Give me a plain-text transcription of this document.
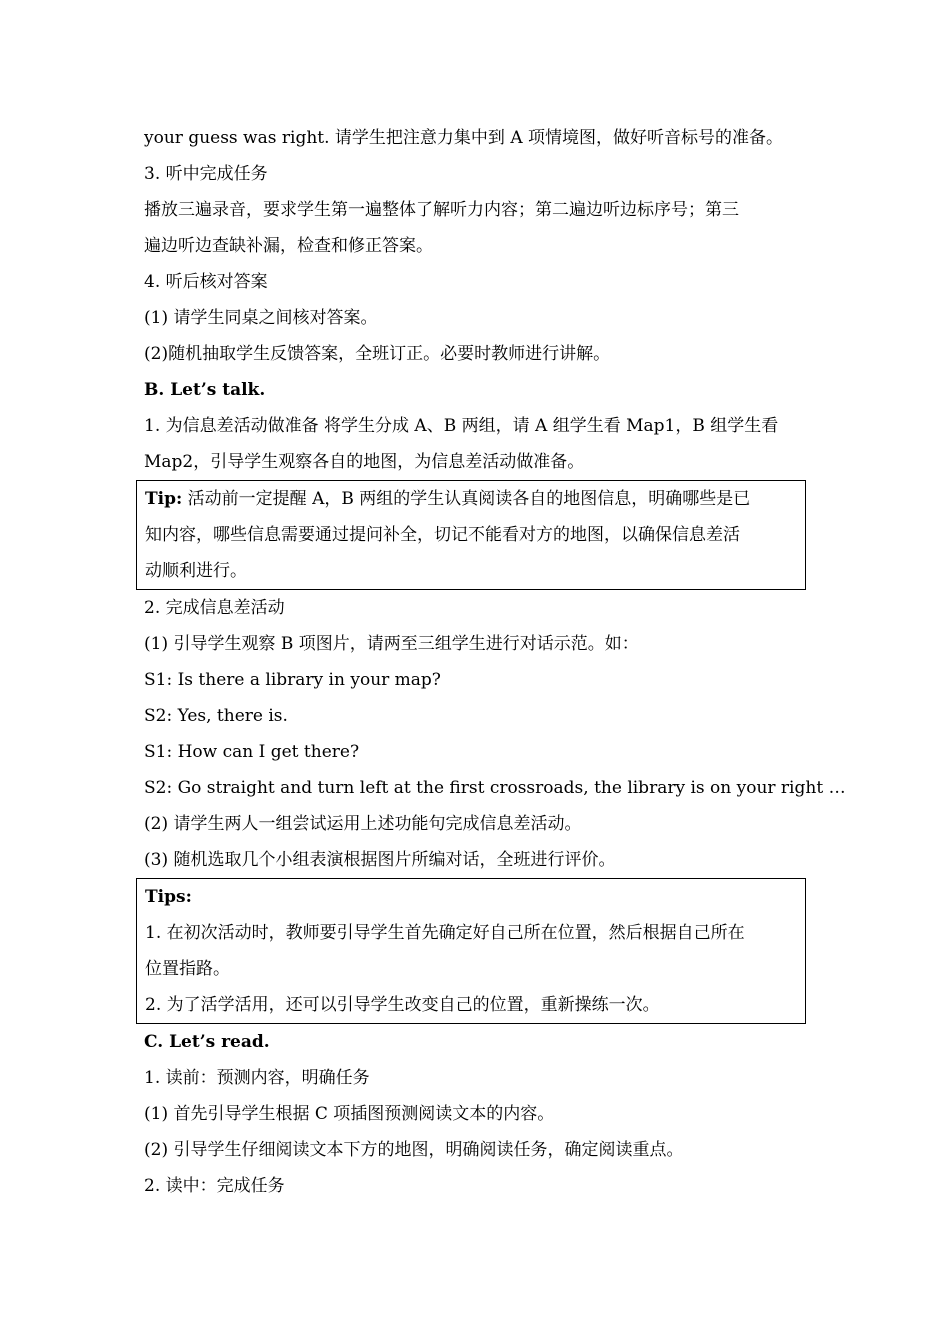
your guess was right. 请学生把注意力集中到 A 项情境图，做好听音标号的准备。
3. 听中完成任务
播放三遍录音，要求学生第一遍整体了解听力内容；第二遍边听边标序号；第三
遍边听边查缺补漏，检查和修正答案。
4. 听后核对答案
(1) 请学生同桌之间核对答案。
(2)随机抽取学生反馈答案，全班订正。必要时教师进行讲解。
B. Let’s talk.
1. 为信息差活动做准备 将学生分成 A、B 两组，请 A 组学生看 Map1，B 组学生看
Map2，引导学生观察各自的地图，为信息差活动做准备。
Tip: 活动前一定提醒 A，B 两组的学生认真阅读各自的地图信息，明确哪些是已
知内容，哪些信息需要通过提问补全，切记不能看对方的地图，以确保信息差活
动顺利进行。
2. 完成信息差活动
(1) 引导学生观察 B 项图片，请两至三组学生进行对话示范。如：
S1: Is there a library in your map?
S2: Yes, there is.
S1: How can I get there?
S2: Go straight and turn left at the first crossroads, the library is on your right …
(2) 请学生两人一组尝试运用上述功能句完成信息差活动。
(3) 随机选取几个小组表演根据图片所编对话，全班进行评价。
Tips:
1. 在初次活动时，教师要引导学生首先确定好自己所在位置，然后根据自己所在
位置指路。
2. 为了活学活用，还可以引导学生改变自己的位置，重新操练一次。
C. Let’s read.
1. 读前：预测内容，明确任务
(1) 首先引导学生根据 C 项插图预测阅读文本的内容。
(2) 引导学生仔细阅读文本下方的地图，明确阅读任务，确定阅读重点。
2. 读中：完成任务
